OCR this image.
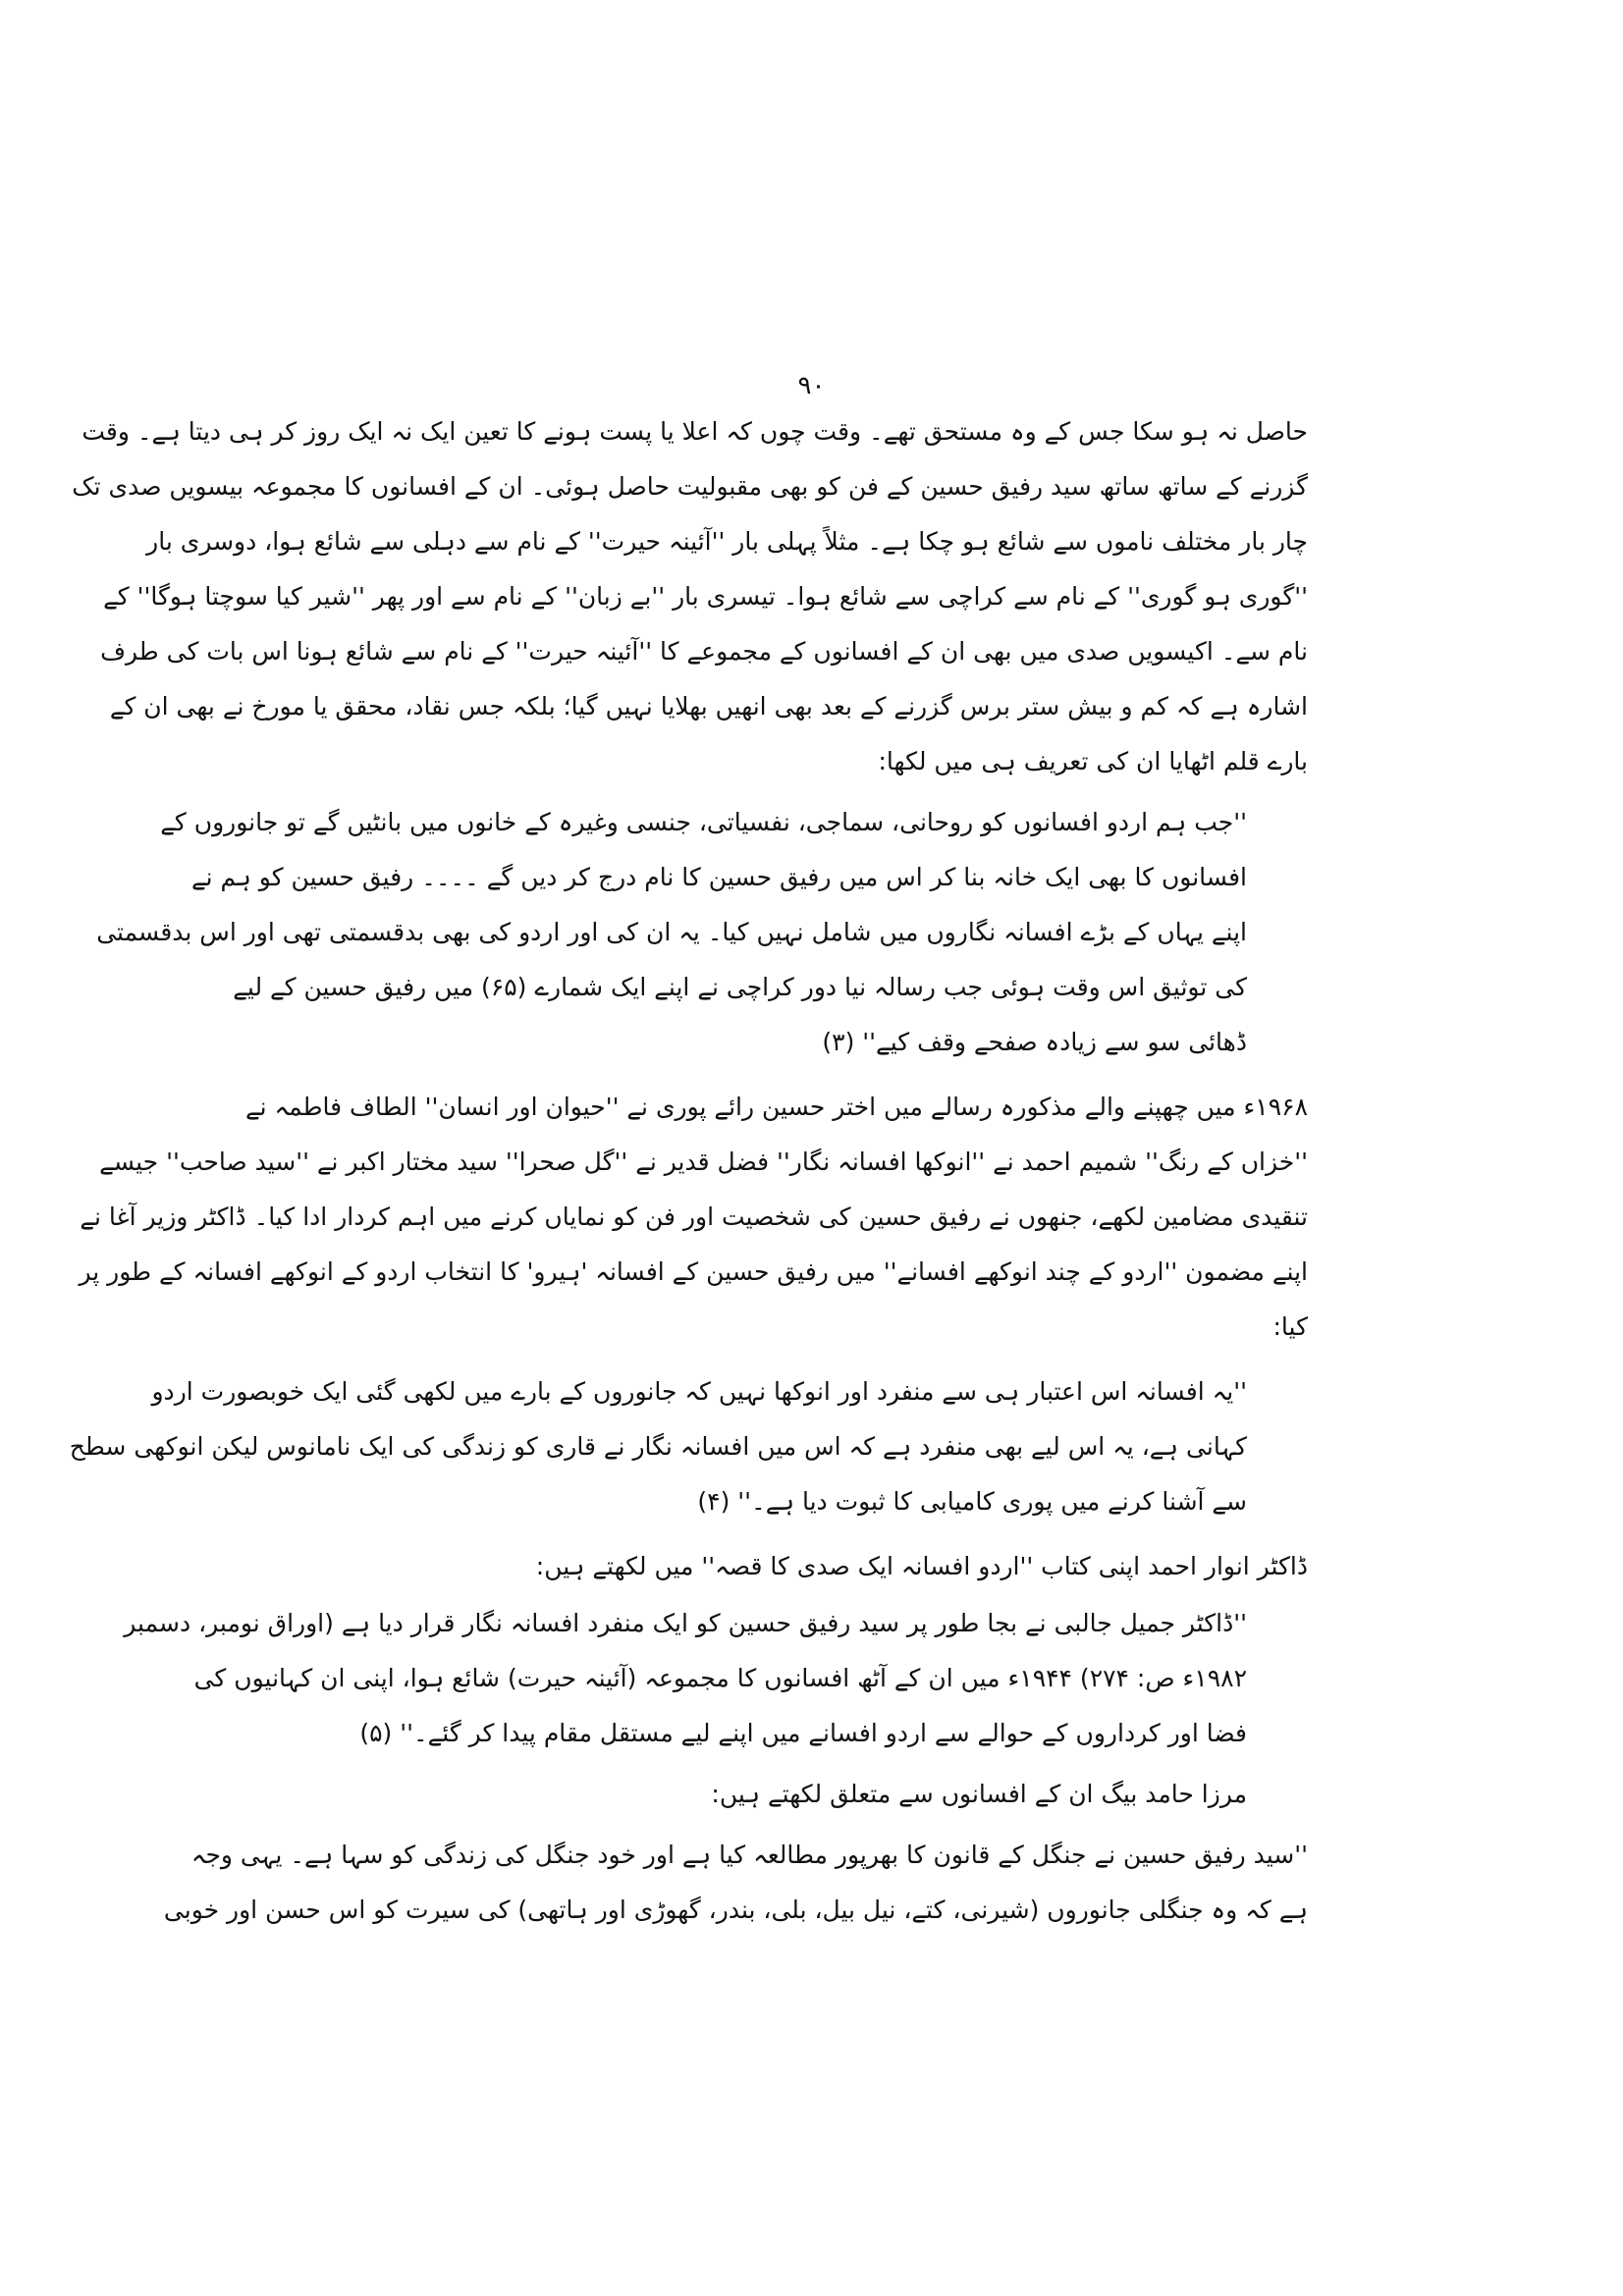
۹۰
حاصل نہ ہو سکا جس کے وہ مستحق تھے۔ وقت چوں کہ اعلا یا پست ہونے کا تعین ایک نہ ایک روز کر ہی دیتا ہے۔ وقت
گزرنے کے ساتھ ساتھ سید رفیق حسین کے فن کو بھی مقبولیت حاصل ہوئی۔ ان کے افسانوں کا مجموعہ بیسویں صدی تک
چار بار مختلف ناموں سے شائع ہو چکا ہے۔ مثلاً پہلی بار ''آئینہ حیرت'' کے نام سے دہلی سے شائع ہوا، دوسری بار
''گوری ہو گوری'' کے نام سے کراچی سے شائع ہوا۔ تیسری بار ''بے زبان'' کے نام سے اور پھر ''شیر کیا سوچتا ہوگا'' کے
نام سے۔ اکیسویں صدی میں بھی ان کے افسانوں کے مجموعے کا ''آئینہ حیرت'' کے نام سے شائع ہونا اس بات کی طرف
اشارہ ہے کہ کم و بیش ستر برس گزرنے کے بعد بھی انھیں بھلایا نہیں گیا؛ بلکہ جس نقاد، محقق یا مورخ نے بھی ان کے
بارے قلم اٹھایا ان کی تعریف ہی میں لکھا:
''جب ہم اردو افسانوں کو روحانی، سماجی، نفسیاتی، جنسی وغیرہ کے خانوں میں بانٹیں گے تو جانوروں کے
افسانوں کا بھی ایک خانہ بنا کر اس میں رفیق حسین کا نام درج کر دیں گے ۔۔۔۔ رفیق حسین کو ہم نے
اپنے یہاں کے بڑے افسانہ نگاروں میں شامل نہیں کیا۔ یہ ان کی اور اردو کی بھی بدقسمتی تھی اور اس بدقسمتی
کی توثیق اس وقت ہوئی جب رسالہ نیا دور کراچی نے اپنے ایک شمارے (۶۵) میں رفیق حسین کے لیے
ڈھائی سو سے زیادہ صفحے وقف کیے'' (۳)
۱۹۶۸ء میں چھپنے والے مذکورہ رسالے میں اختر حسین رائے پوری نے ''حیوان اور انسان'' الطاف فاطمہ نے
''خزاں کے رنگ'' شمیم احمد نے ''انوکھا افسانہ نگار'' فضل قدیر نے ''گل صحرا'' سید مختار اکبر نے ''سید صاحب'' جیسے
تنقیدی مضامین لکھے، جنھوں نے رفیق حسین کی شخصیت اور فن کو نمایاں کرنے میں اہم کردار ادا کیا۔ ڈاکٹر وزیر آغا نے
اپنے مضمون ''اردو کے چند انوکھے افسانے'' میں رفیق حسین کے افسانہ 'ہیرو' کا انتخاب اردو کے انوکھے افسانہ کے طور پر
کیا:
''یہ افسانہ اس اعتبار ہی سے منفرد اور انوکھا نہیں کہ جانوروں کے بارے میں لکھی گئی ایک خوبصورت اردو
کہانی ہے، یہ اس لیے بھی منفرد ہے کہ اس میں افسانہ نگار نے قاری کو زندگی کی ایک نامانوس لیکن انوکھی سطح
سے آشنا کرنے میں پوری کامیابی کا ثبوت دیا ہے۔'' (۴)
ڈاکٹر انوار احمد اپنی کتاب ''اردو افسانہ ایک صدی کا قصہ'' میں لکھتے ہیں:
''ڈاکٹر جمیل جالبی نے بجا طور پر سید رفیق حسین کو ایک منفرد افسانہ نگار قرار دیا ہے (اوراق نومبر، دسمبر
۱۹۸۲ء ص: ۲۷۴) ۱۹۴۴ء میں ان کے آٹھ افسانوں کا مجموعہ (آئینہ حیرت) شائع ہوا، اپنی ان کہانیوں کی
فضا اور کرداروں کے حوالے سے اردو افسانے میں اپنے لیے مستقل مقام پیدا کر گئے۔'' (۵)
مرزا حامد بیگ ان کے افسانوں سے متعلق لکھتے ہیں:
''سید رفیق حسین نے جنگل کے قانون کا بھرپور مطالعہ کیا ہے اور خود جنگل کی زندگی کو سہا ہے۔ یہی وجہ
ہے کہ وہ جنگلی جانوروں (شیرنی، کتے، نیل بیل، بلی، بندر، گھوڑی اور ہاتھی) کی سیرت کو اس حسن اور خوبی
